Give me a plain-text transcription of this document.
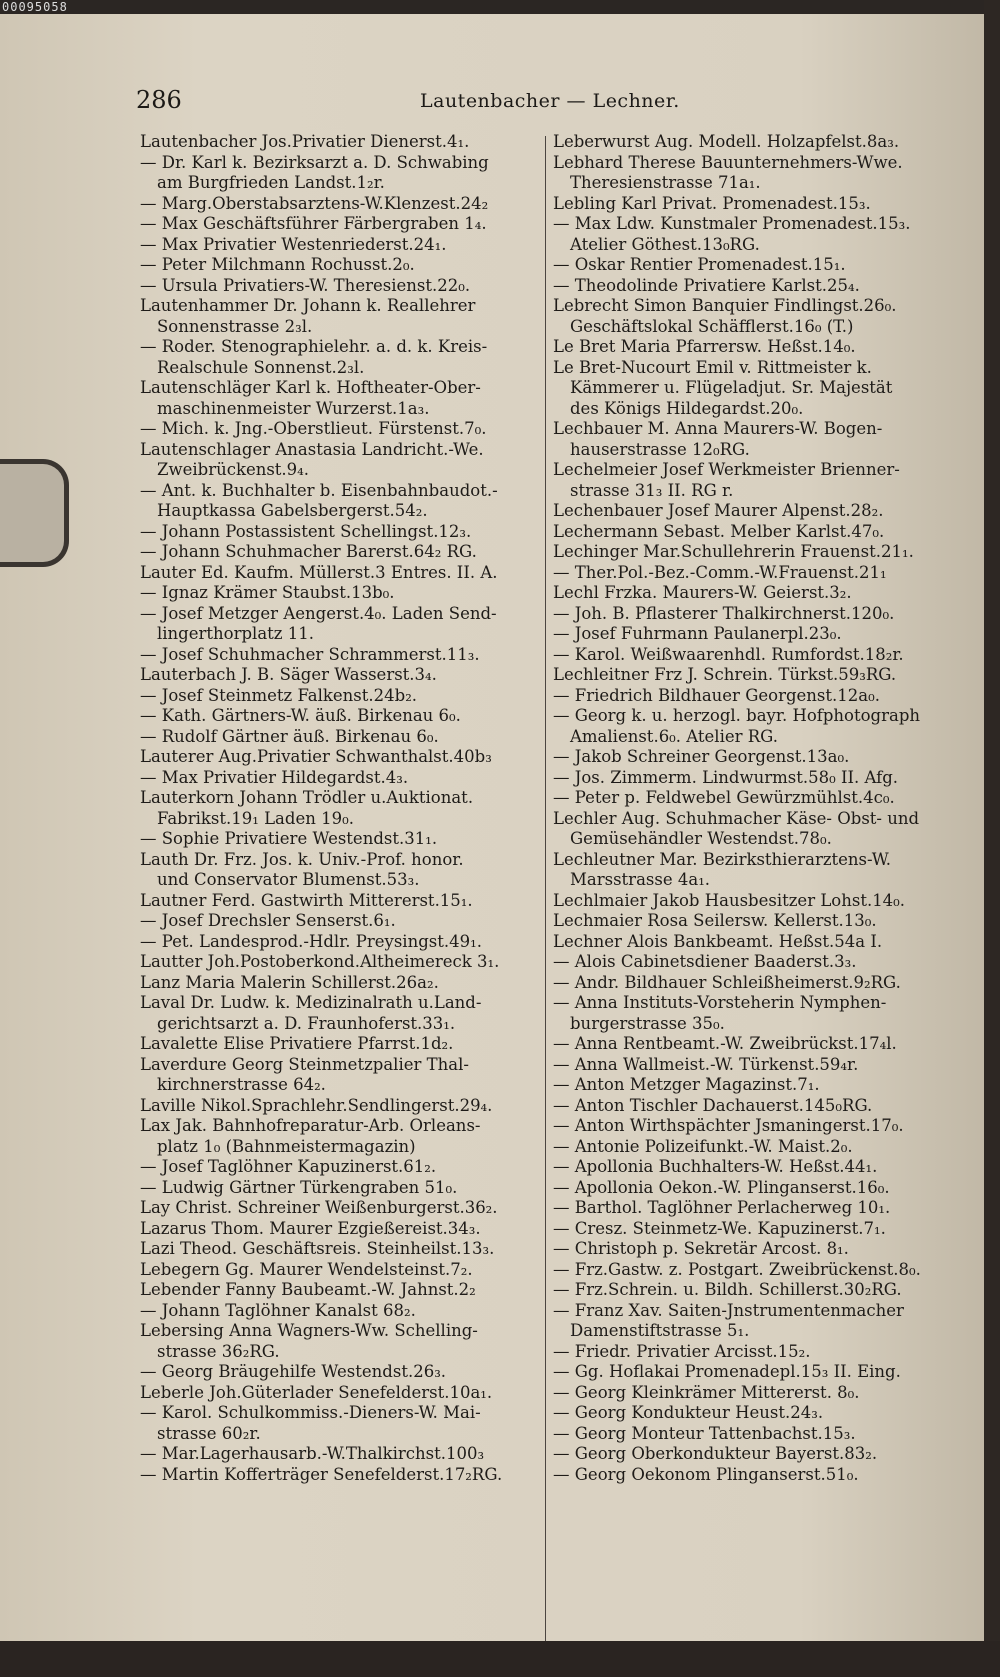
00095058
286	Lautenbacher — Lechner.
Lautenbacher Jos.Privatier Dienerst.4₁.
— Dr. Karl k. Bezirksarzt a. D. Schwabing
am Burgfrieden Landst.1₂r.
— Marg.Oberstabsarztens-W.Klenzest.24₂
— Max Geschäftsführer Färbergraben 1₄.
— Max Privatier Westenriederst.24₁.
— Peter Milchmann Rochusst.2₀.
— Ursula Privatiers-W. Theresienst.22₀.
Lautenhammer Dr. Johann k. Reallehrer
Sonnenstrasse 2₃l.
— Roder. Stenographielehr. a. d. k. Kreis-
Realschule Sonnenst.2₃l.
Lautenschläger Karl k. Hoftheater-Ober-
maschinenmeister Wurzerst.1a₃.
— Mich. k. Jng.-Oberstlieut. Fürstenst.7₀.
Lautenschlager Anastasia Landricht.-We.
Zweibrückenst.9₄.
— Ant. k. Buchhalter b. Eisenbahnbaudot.-
Hauptkassa Gabelsbergerst.54₂.
— Johann Postassistent Schellingst.12₃.
— Johann Schuhmacher Barerst.64₂ RG.
Lauter Ed. Kaufm. Müllerst.3 Entres. II. A.
— Ignaz Krämer Staubst.13b₀.
— Josef Metzger Aengerst.4₀. Laden Send-
lingerthorplatz 11.
— Josef Schuhmacher Schrammerst.11₃.
Lauterbach J. B. Säger Wasserst.3₄.
— Josef Steinmetz Falkenst.24b₂.
— Kath. Gärtners-W. äuß. Birkenau 6₀.
— Rudolf Gärtner äuß. Birkenau 6₀.
Lauterer Aug.Privatier Schwanthalst.40b₃
— Max Privatier Hildegardst.4₃.
Lauterkorn Johann Trödler u.Auktionat.
Fabrikst.19₁ Laden 19₀.
— Sophie Privatiere Westendst.31₁.
Lauth Dr. Frz. Jos. k. Univ.-Prof. honor.
und Conservator Blumenst.53₃.
Lautner Ferd. Gastwirth Mittererst.15₁.
— Josef Drechsler Senserst.6₁.
— Pet. Landesprod.-Hdlr. Preysingst.49₁.
Lautter Joh.Postoberkond.Altheimereck 3₁.
Lanz Maria Malerin Schillerst.26a₂.
Laval Dr. Ludw. k. Medizinalrath u.Land-
gerichtsarzt a. D. Fraunhoferst.33₁.
Lavalette Elise Privatiere Pfarrst.1d₂.
Laverdure Georg Steinmetzpalier Thal-
kirchnerstrasse 64₂.
Laville Nikol.Sprachlehr.Sendlingerst.29₄.
Lax Jak. Bahnhofreparatur-Arb. Orleans-
platz 1₀ (Bahnmeistermagazin)
— Josef Taglöhner Kapuzinerst.61₂.
— Ludwig Gärtner Türkengraben 51₀.
Lay Christ. Schreiner Weißenburgerst.36₂.
Lazarus Thom. Maurer Ezgießereist.34₃.
Lazi Theod. Geschäftsreis. Steinheilst.13₃.
Lebegern Gg. Maurer Wendelsteinst.7₂.
Lebender Fanny Baubeamt.-W. Jahnst.2₂
— Johann Taglöhner Kanalst 68₂.
Lebersing Anna Wagners-Ww. Schelling-
strasse 36₂RG.
— Georg Bräugehilfe Westendst.26₃.
Leberle Joh.Güterlader Senefelderst.10a₁.
— Karol. Schulkommiss.-Dieners-W. Mai-
strasse 60₂r.
— Mar.Lagerhausarb.-W.Thalkirchst.100₃
— Martin Kofferträger Senefelderst.17₂RG.
Leberwurst Aug. Modell. Holzapfelst.8a₃.
Lebhard Therese Bauunternehmers-Wwe.
Theresienstrasse 71a₁.
Lebling Karl Privat. Promenadest.15₃.
— Max Ldw. Kunstmaler Promenadest.15₃.
Atelier Göthest.13₀RG.
— Oskar Rentier Promenadest.15₁.
— Theodolinde Privatiere Karlst.25₄.
Lebrecht Simon Banquier Findlingst.26₀.
Geschäftslokal Schäfflerst.16₀ (T.)
Le Bret Maria Pfarrersw. Heßst.14₀.
Le Bret-Nucourt Emil v. Rittmeister k.
Kämmerer u. Flügeladjut. Sr. Majestät
des Königs Hildegardst.20₀.
Lechbauer M. Anna Maurers-W. Bogen-
hauserstrasse 12₀RG.
Lechelmeier Josef Werkmeister Brienner-
strasse 31₃ II. RG r.
Lechenbauer Josef Maurer Alpenst.28₂.
Lechermann Sebast. Melber Karlst.47₀.
Lechinger Mar.Schullehrerin Frauenst.21₁.
— Ther.Pol.-Bez.-Comm.-W.Frauenst.21₁
Lechl Frzka. Maurers-W. Geierst.3₂.
— Joh. B. Pflasterer Thalkirchnerst.120₀.
— Josef Fuhrmann Paulanerpl.23₀.
— Karol. Weißwaarenhdl. Rumfordst.18₂r.
Lechleitner Frz J. Schrein. Türkst.59₃RG.
— Friedrich Bildhauer Georgenst.12a₀.
— Georg k. u. herzogl. bayr. Hofphotograph
Amalienst.6₀. Atelier RG.
— Jakob Schreiner Georgenst.13a₀.
— Jos. Zimmerm. Lindwurmst.58₀ II. Afg.
— Peter p. Feldwebel Gewürzmühlst.4c₀.
Lechler Aug. Schuhmacher Käse- Obst- und
Gemüsehändler Westendst.78₀.
Lechleutner Mar. Bezirksthierarztens-W.
Marsstrasse 4a₁.
Lechlmaier Jakob Hausbesitzer Lohst.14₀.
Lechmaier Rosa Seilersw. Kellerst.13₀.
Lechner Alois Bankbeamt. Heßst.54a I.
— Alois Cabinetsdiener Baaderst.3₃.
— Andr. Bildhauer Schleißheimerst.9₂RG.
— Anna Instituts-Vorsteherin Nymphen-
burgerstrasse 35₀.
— Anna Rentbeamt.-W. Zweibrückst.17₄l.
— Anna Wallmeist.-W. Türkenst.59₄r.
— Anton Metzger Magazinst.7₁.
— Anton Tischler Dachauerst.145₀RG.
— Anton Wirthspächter Jsmaningerst.17₀.
— Antonie Polizeifunkt.-W. Maist.2₀.
— Apollonia Buchhalters-W. Heßst.44₁.
— Apollonia Oekon.-W. Plinganserst.16₀.
— Barthol. Taglöhner Perlacherweg 10₁.
— Cresz. Steinmetz-We. Kapuzinerst.7₁.
— Christoph p. Sekretär Arcost. 8₁.
— Frz.Gastw. z. Postgart. Zweibrückenst.8₀.
— Frz.Schrein. u. Bildh. Schillerst.30₂RG.
— Franz Xav. Saiten-Jnstrumentenmacher
Damenstiftstrasse 5₁.
— Friedr. Privatier Arcisst.15₂.
— Gg. Hoflakai Promenadepl.15₃ II. Eing.
— Georg Kleinkrämer Mittererst. 8₀.
— Georg Kondukteur Heust.24₃.
— Georg Monteur Tattenbachst.15₃.
— Georg Oberkondukteur Bayerst.83₂.
— Georg Oekonom Plinganserst.51₀.
